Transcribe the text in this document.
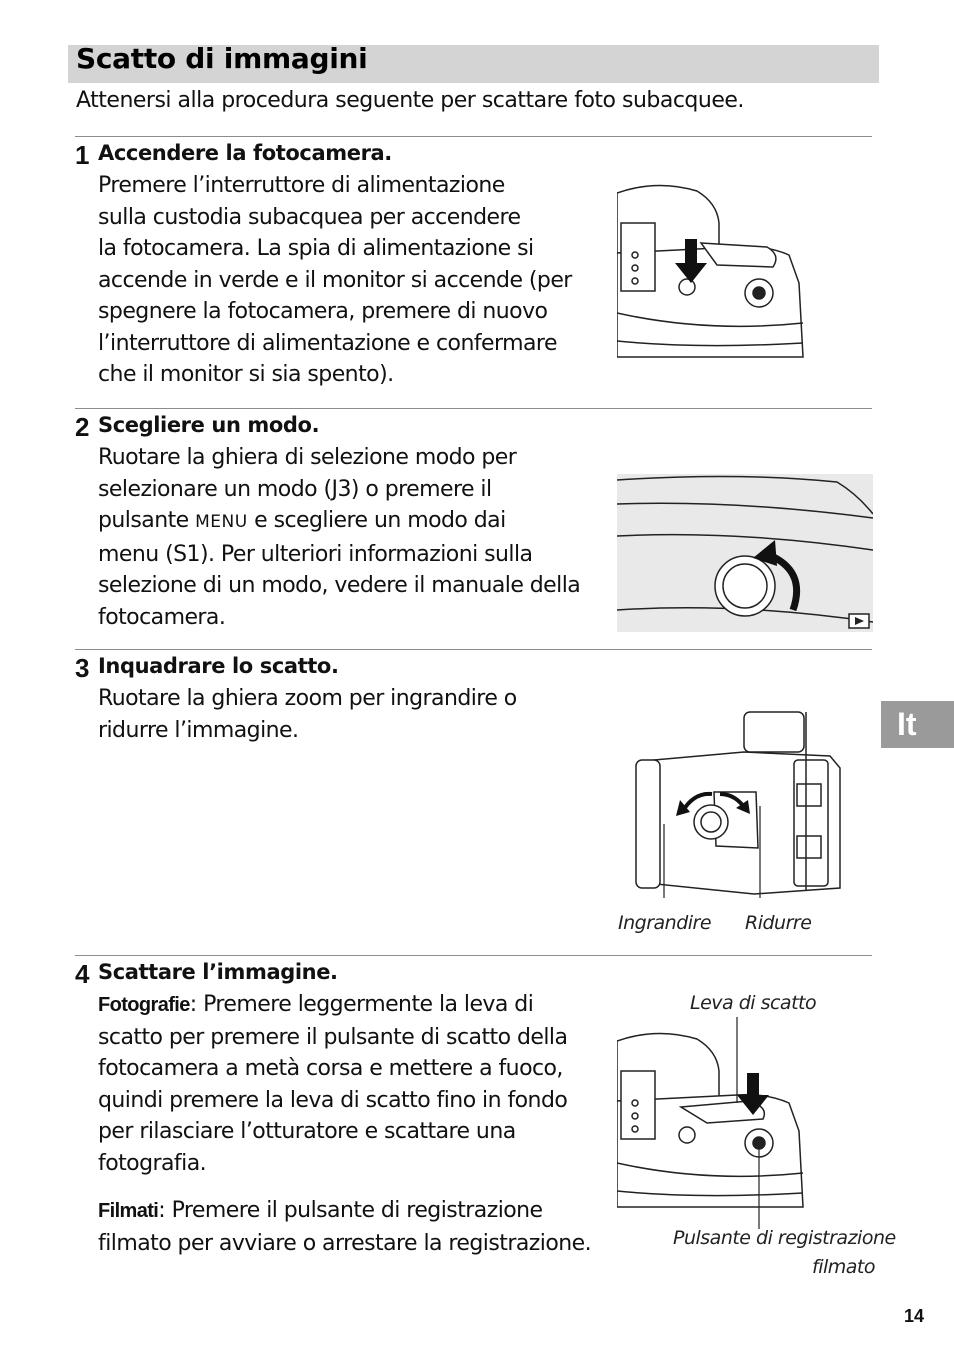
Scatto di immagini
Attenersi alla procedura seguente per scattare foto subacquee.
1 Accendere la fotocamera.

Premere l’interruttore di alimentazione
sulla custodia subacquea per accendere
la fotocamera. La spia di alimentazione si
accende in verde e il monitor si accende (per
spegnere la fotocamera, premere di nuovo
l’interruttore di alimentazione e confermare
che il monitor si sia spento).

2 Scegliere un modo.

Ruotare la ghiera di selezione modo per
selezionare un modo (J3) o premere il
pulsante MENU e scegliere un modo dai
menu (S1). Per ulteriori informazioni sulla
selezione di un modo, vedere il manuale della
fotocamera.

3 Inquadrare lo scatto.

Ruotare la ghiera zoom per ingrandire o
ridurre l’immagine.

Ingrandire Ridurre
4 Scattare l’immagine.

Fotografie: Premere leggermente la leva di
scatto per premere il pulsante di scatto della
fotocamera a metà corsa e mettere a fuoco,
quindi premere la leva di scatto fino in fondo
per rilasciare l’otturatore e scattare una
fotografia.

Filmati: Premere il pulsante di registrazione
filmato per avviare o arrestare la registrazione.

Leva di scatto
Pulsante di registrazione
filmato
It
14
